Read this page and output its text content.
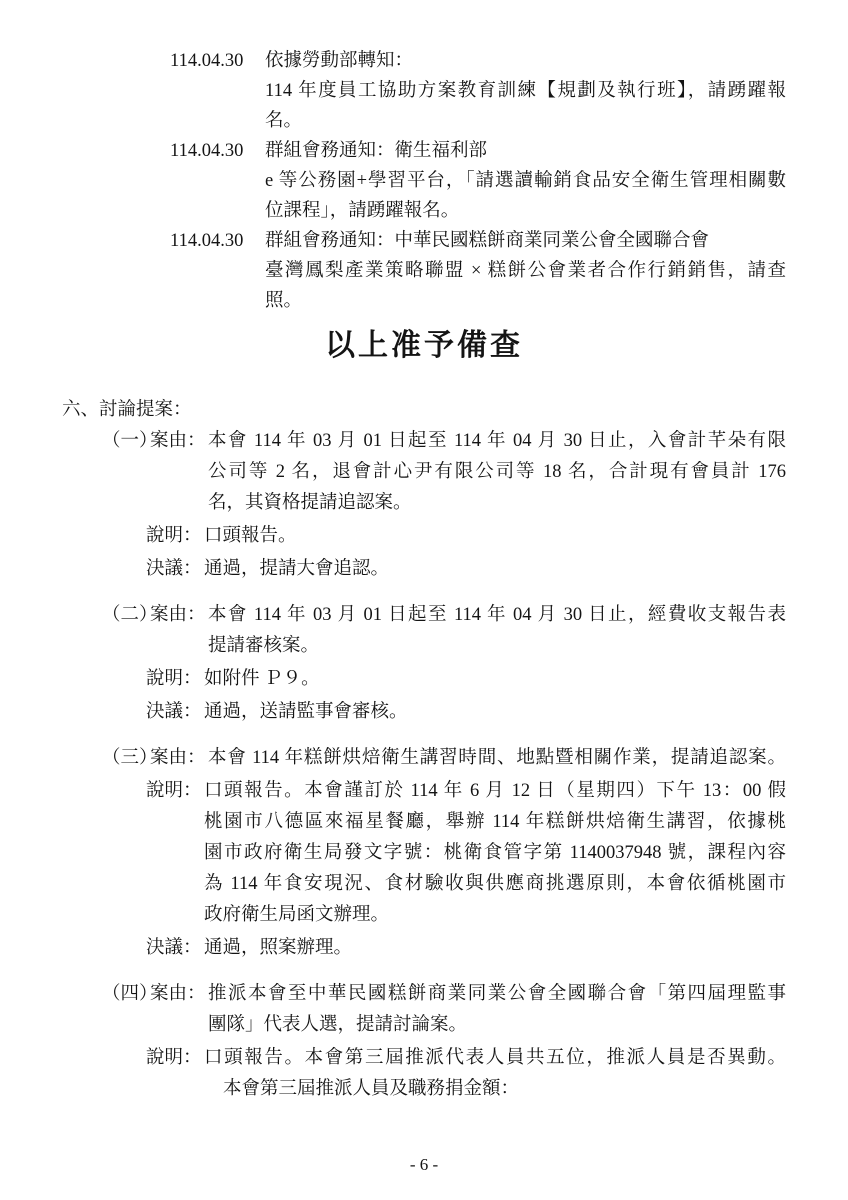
114.04.30	依據勞動部轉知：
114 年度員工協助方案教育訓練【規劃及執行班】，請踴躍報
名。
114.04.30	群組會務通知：衛生福利部
e 等公務園+學習平台，「請選讀輸銷食品安全衛生管理相關數
位課程」，請踴躍報名。
114.04.30	群組會務通知：中華民國糕餅商業同業公會全國聯合會
臺灣鳳梨產業策略聯盟 × 糕餅公會業者合作行銷銷售，請查
照。
以上准予備查
六、討論提案：
（一）
案由： 本會 114 年 03 月 01 日起至 114 年 04 月 30 日止，入會計芊朵有限
公司等 2 名，退會計心尹有限公司等 18 名，合計現有會員計 176
名，其資格提請追認案。
說明： 口頭報告。
決議： 通過，提請大會追認。
（二）
案由： 本會 114 年 03 月 01 日起至 114 年 04 月 30 日止，經費收支報告表
提請審核案。
說明： 如附件 Ｐ９。
決議： 通過，送請監事會審核。
（三）
案由： 本會 114 年糕餅烘焙衛生講習時間、地點暨相關作業，提請追認案。
說明： 口頭報告。本會謹訂於 114 年 6 月 12 日（星期四）下午 13：00 假
桃園市八德區來福星餐廳，舉辦 114 年糕餅烘焙衛生講習，依據桃
園市政府衛生局發文字號：桃衛食管字第 1140037948 號，課程內容
為 114 年食安現況、食材驗收與供應商挑選原則，本會依循桃園市
政府衛生局函文辦理。
決議： 通過，照案辦理。
（四）
案由： 推派本會至中華民國糕餅商業同業公會全國聯合會「第四屆理監事
團隊」代表人選，提請討論案。
說明： 口頭報告。本會第三屆推派代表人員共五位，推派人員是否異動。
本會第三屆推派人員及職務捐金額：
- 6 -
